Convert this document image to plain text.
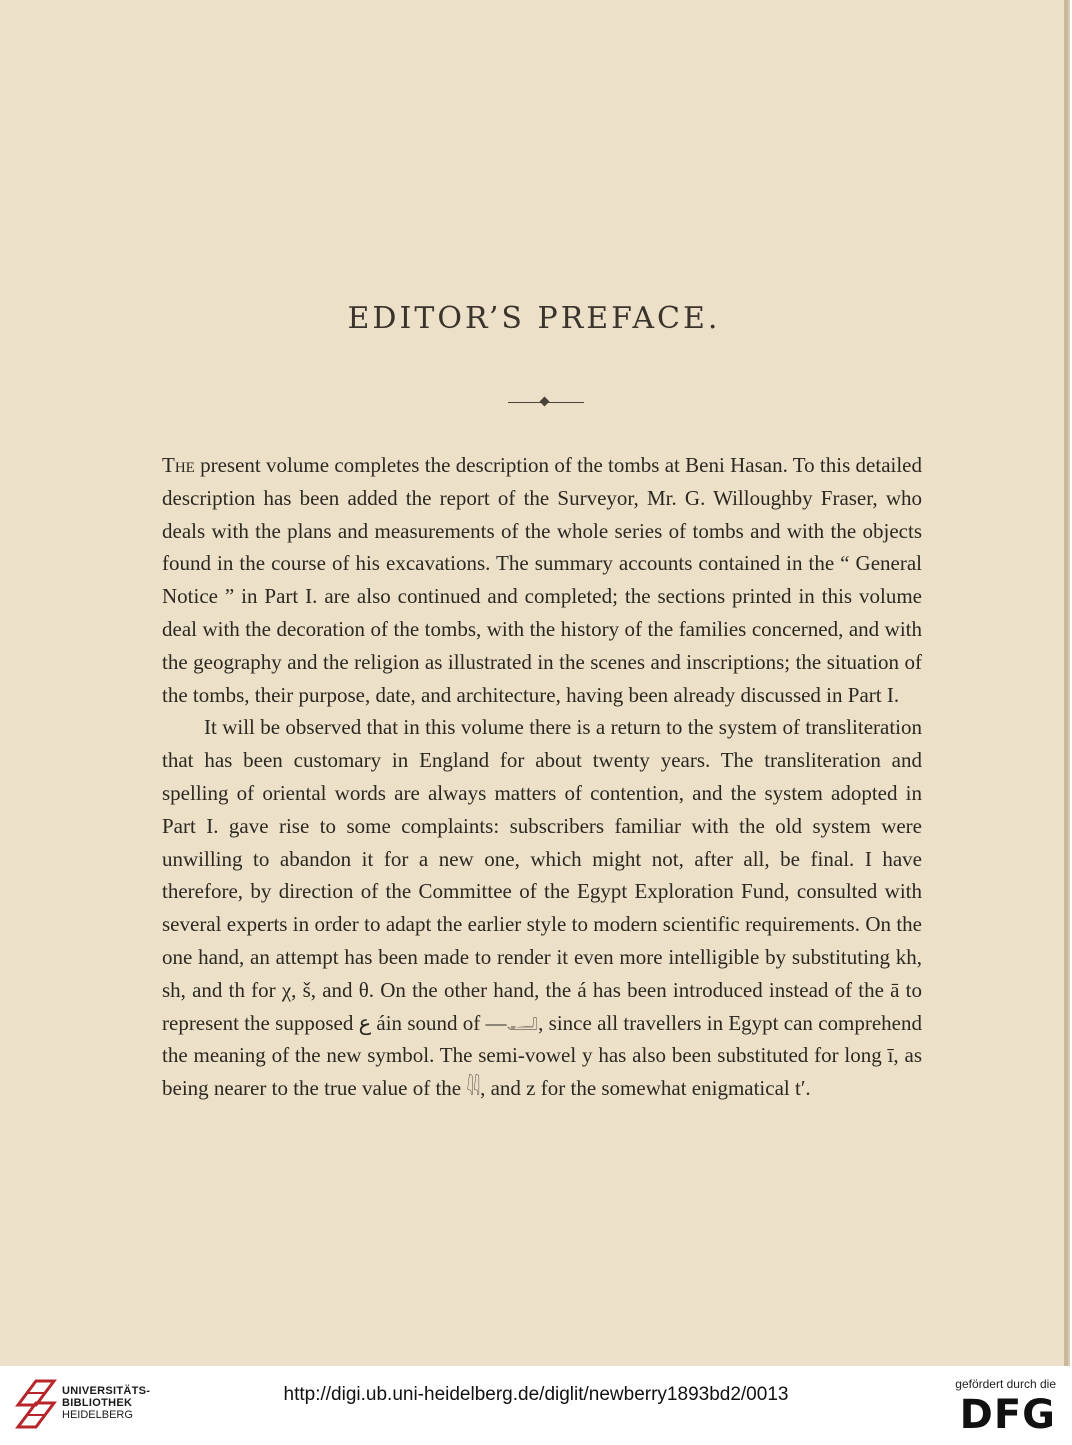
EDITOR’S PREFACE.

The present volume completes the description of the tombs at Beni Hasan. To this detailed description has been added the report of the Surveyor, Mr. G. Willoughby Fraser, who deals with the plans and measurements of the whole series of tombs and with the objects found in the course of his excavations. The summary accounts contained in the “ General Notice ” in Part I. are also continued and completed; the sections printed in this volume deal with the decoration of the tombs, with the history of the families concerned, and with the geography and the religion as illustrated in the scenes and inscriptions; the situation of the tombs, their purpose, date, and architecture, having been already discussed in Part I.

It will be observed that in this volume there is a return to the system of transliteration that has been customary in England for about twenty years. The transliteration and spelling of oriental words are always matters of contention, and the system adopted in Part I. gave rise to some complaints: subscribers familiar with the old system were unwilling to abandon it for a new one, which might not, after all, be final. I have therefore, by direction of the Committee of the Egypt Exploration Fund, consulted with several experts in order to adapt the earlier style to modern scientific requirements. On the one hand, an attempt has been made to render it even more intelligible by substituting kh, sh, and th for χ, š, and θ. On the other hand, the á has been introduced instead of the ā to represent the supposed ع áin sound of —𓂝, since all travellers in Egypt can comprehend the meaning of the new symbol. The semi-vowel y has also been substituted for long ī, as being nearer to the true value of the 𓇌, and z for the somewhat enigmatical t′.

UNIVERSITÄTS-
BIBLIOTHEK
HEIDELBERG
http://digi.ub.uni-heidelberg.de/diglit/newberry1893bd2/0013	gefördert durch die
DFG
